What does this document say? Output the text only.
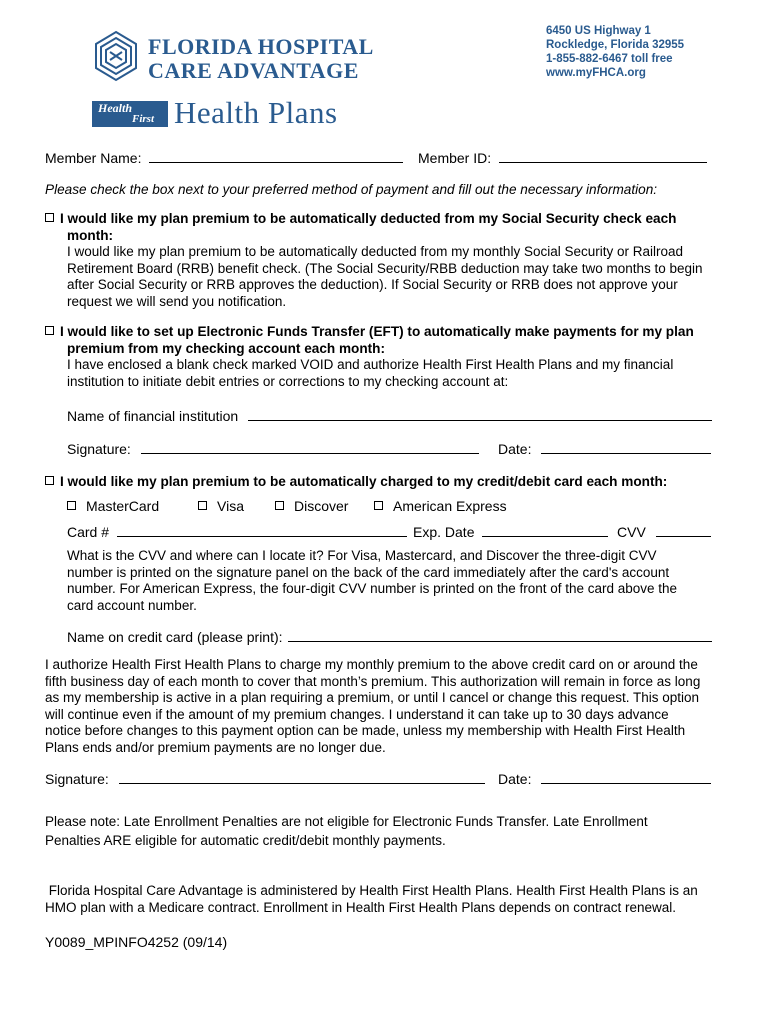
FLORIDA HOSPITAL
CARE ADVANTAGE
6450 US Highway 1
Rockledge, Florida 32955
1-855-882-6467 toll free
www.myFHCA.org
Health
First Health Plans
Member Name:	Member ID:
Please check the box next to your preferred method of payment and fill out the necessary information:
I would like my plan premium to be automatically deducted from my Social Security check each
month:
I would like my plan premium to be automatically deducted from my monthly Social Security or Railroad
Retirement Board (RRB) benefit check. (The Social Security/RBB deduction may take two months to begin
after Social Security or RRB approves the deduction). If Social Security or RRB does not approve your
request we will send you notification.
I would like to set up Electronic Funds Transfer (EFT) to automatically make payments for my plan
premium from my checking account each month:
I have enclosed a blank check marked VOID and authorize Health First Health Plans and my financial
institution to initiate debit entries or corrections to my checking account at:
Name of financial institution
Signature:	Date:
I would like my plan premium to be automatically charged to my credit/debit card each month:
MasterCard	Visa	Discover	American Express
Card #	Exp. Date	CVV
What is the CVV and where can I locate it? For Visa, Mastercard, and Discover the three-digit CVV
number is printed on the signature panel on the back of the card immediately after the card's account
number. For American Express, the four-digit CVV number is printed on the front of the card above the
card account number.
Name on credit card (please print):
I authorize Health First Health Plans to charge my monthly premium to the above credit card on or around the
fifth business day of each month to cover that month’s premium. This authorization will remain in force as long
as my membership is active in a plan requiring a premium, or until I cancel or change this request. This option
will continue even if the amount of my premium changes. I understand it can take up to 30 days advance
notice before changes to this payment option can be made, unless my membership with Health First Health
Plans ends and/or premium payments are no longer due.
Signature:	Date:
Please note: Late Enrollment Penalties are not eligible for Electronic Funds Transfer. Late Enrollment
Penalties ARE eligible for automatic credit/debit monthly payments.
Florida Hospital Care Advantage is administered by Health First Health Plans. Health First Health Plans is an
HMO plan with a Medicare contract. Enrollment in Health First Health Plans depends on contract renewal.
Y0089_MPINFO4252 (09/14)
